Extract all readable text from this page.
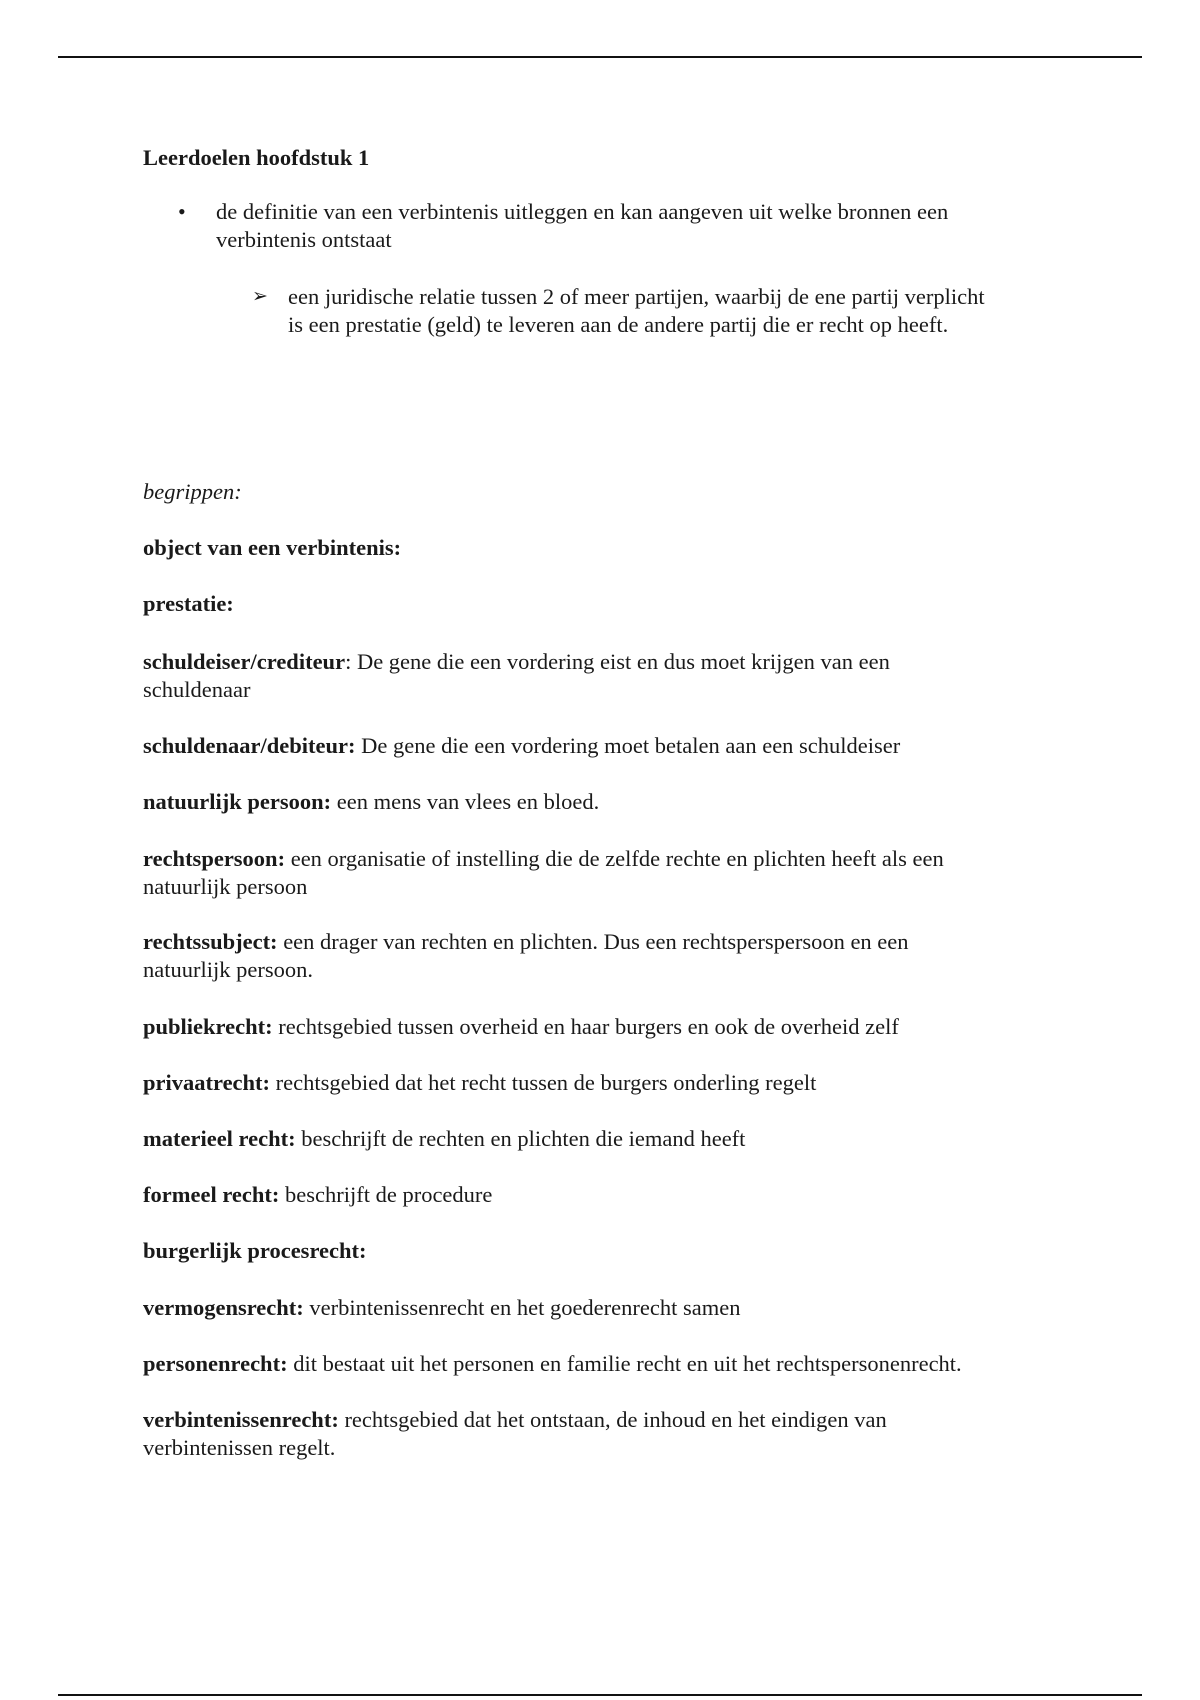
Leerdoelen hoofdstuk 1
• de definitie van een verbintenis uitleggen en kan aangeven uit welke bronnen een
verbintenis ontstaat
➢ een juridische relatie tussen 2 of meer partijen, waarbij de ene partij verplicht
is een prestatie (geld) te leveren aan de andere partij die er recht op heeft.
begrippen:
object van een verbintenis:
prestatie:
schuldeiser/crediteur: De gene die een vordering eist en dus moet krijgen van een
schuldenaar
schuldenaar/debiteur: De gene die een vordering moet betalen aan een schuldeiser
natuurlijk persoon: een mens van vlees en bloed.
rechtspersoon: een organisatie of instelling die de zelfde rechte en plichten heeft als een
natuurlijk persoon
rechtssubject: een drager van rechten en plichten. Dus een rechtsperspersoon en een
natuurlijk persoon.
publiekrecht: rechtsgebied tussen overheid en haar burgers en ook de overheid zelf
privaatrecht: rechtsgebied dat het recht tussen de burgers onderling regelt
materieel recht: beschrijft de rechten en plichten die iemand heeft
formeel recht: beschrijft de procedure
burgerlijk procesrecht:
vermogensrecht: verbintenissenrecht en het goederenrecht samen
personenrecht: dit bestaat uit het personen en familie recht en uit het rechtspersonenrecht.
verbintenissenrecht: rechtsgebied dat het ontstaan, de inhoud en het eindigen van
verbintenissen regelt.
